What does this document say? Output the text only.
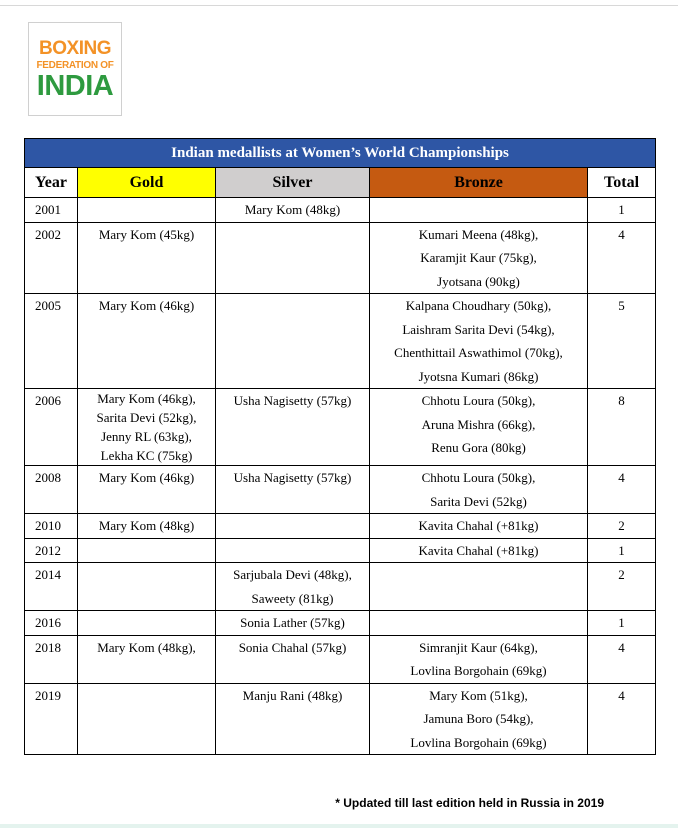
BOXING
FEDERATION OF
INDIA
Indian medallists at Women’s World Championships				
Year	Gold	Silver	Bronze	Total
2001		Mary Kom (48kg)		1
2002	Mary Kom (45kg)		Kumari Meena (48kg),
Karamjit Kaur (75kg),
Jyotsana (90kg)	4
2005	Mary Kom (46kg)		Kalpana Choudhary (50kg),
Laishram Sarita Devi (54kg),
Chenthittail Aswathimol (70kg),
Jyotsna Kumari (86kg)	5
2006	Mary Kom (46kg),
Sarita Devi (52kg),
Jenny RL (63kg),
Lekha KC (75kg)	Usha Nagisetty (57kg)	Chhotu Loura (50kg),
Aruna Mishra (66kg),
Renu Gora (80kg)	8
2008	Mary Kom (46kg)	Usha Nagisetty (57kg)	Chhotu Loura (50kg),
Sarita Devi (52kg)	4
2010	Mary Kom (48kg)		Kavita Chahal (+81kg)	2
2012			Kavita Chahal (+81kg)	1
2014		Sarjubala Devi (48kg),
Saweety (81kg)		2
2016		Sonia Lather (57kg)		1
2018	Mary Kom (48kg),	Sonia Chahal (57kg)	Simranjit Kaur (64kg),
Lovlina Borgohain (69kg)	4
2019		Manju Rani (48kg)	Mary Kom (51kg),
Jamuna Boro (54kg),
Lovlina Borgohain (69kg)	4
* Updated till last edition held in Russia in 2019
